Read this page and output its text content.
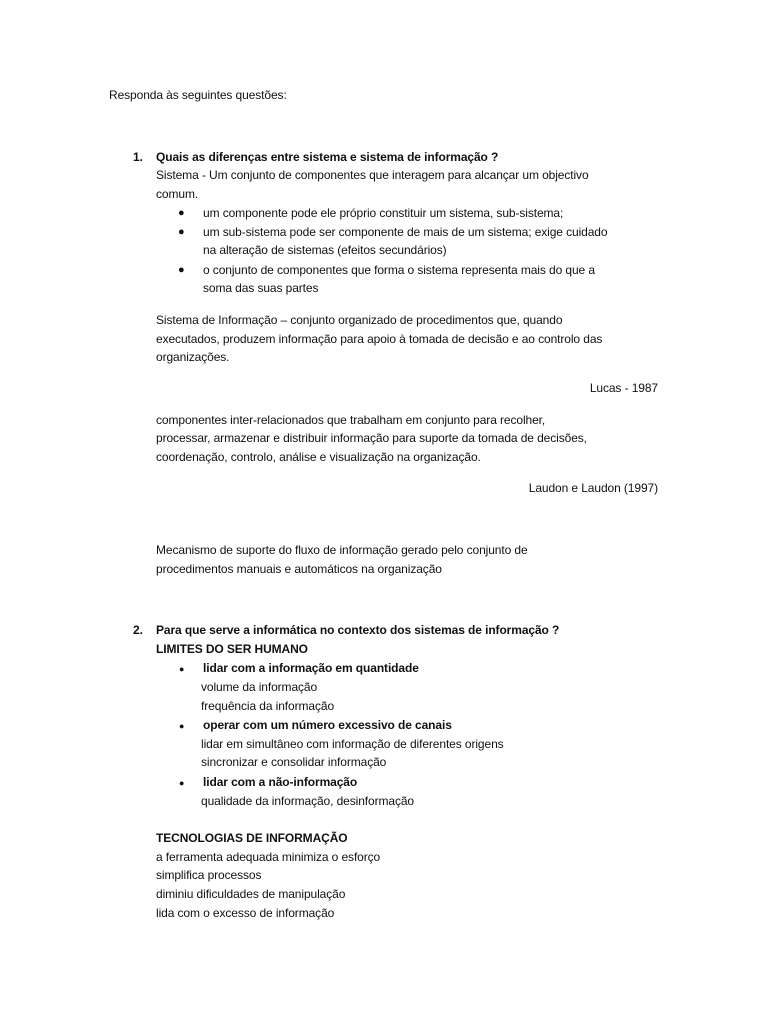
Responda às seguintes questões:
1. Quais as diferenças entre sistema e sistema de informação ?
Sistema - Um conjunto de componentes que interagem para alcançar um objectivo
comum.
● um componente pode ele próprio constituir um sistema, sub-sistema;
● um sub-sistema pode ser componente de mais de um sistema; exige cuidado
na alteração de sistemas (efeitos secundários)
● o conjunto de componentes que forma o sistema representa mais do que a
soma das suas partes
Sistema de Informação – conjunto organizado de procedimentos que, quando
executados, produzem informação para apoio à tomada de decisão e ao controlo das
organizações.
Lucas - 1987
componentes inter-relacionados que trabalham em conjunto para recolher,
processar, armazenar e distribuir informação para suporte da tomada de decisões,
coordenação, controlo, análise e visualização na organização.
Laudon e Laudon (1997)
Mecanismo de suporte do fluxo de informação gerado pelo conjunto de
procedimentos manuais e automáticos na organização
2. Para que serve a informática no contexto dos sistemas de informação ?
LIMITES DO SER HUMANO
● lidar com a informação em quantidade
volume da informação
frequência da informação
● operar com um número excessivo de canais
lidar em simultâneo com informação de diferentes origens
sincronizar e consolidar informação
● lidar com a não-informação
qualidade da informação, desinformação
TECNOLOGIAS DE INFORMAÇÃO
a ferramenta adequada minimiza o esforço
simplifica processos
diminiu dificuldades de manipulação
lida com o excesso de informação
